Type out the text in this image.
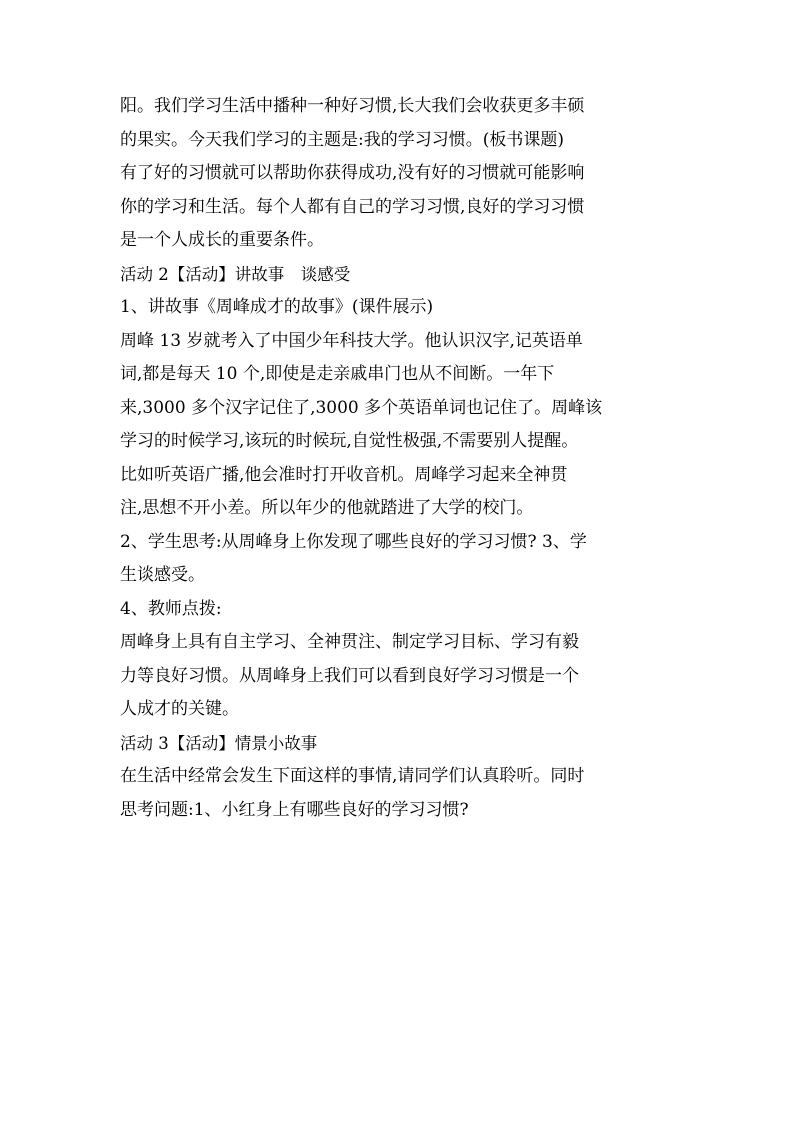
阳。我们学习生活中播种一种好习惯,长大我们会收获更多丰硕
的果实。今天我们学习的主题是:我的学习习惯。(板书课题)
有了好的习惯就可以帮助你获得成功,没有好的习惯就可能影响
你的学习和生活。每个人都有自己的学习习惯,良好的学习习惯
是一个人成长的重要条件。
活动 2【活动】讲故事　谈感受
1、讲故事《周峰成才的故事》(课件展示)
周峰 13 岁就考入了中国少年科技大学。他认识汉字,记英语单
词,都是每天 10 个,即使是走亲戚串门也从不间断。一年下
来,3000 多个汉字记住了,3000 多个英语单词也记住了。周峰该
学习的时候学习,该玩的时候玩,自觉性极强,不需要别人提醒。
比如听英语广播,他会准时打开收音机。周峰学习起来全神贯
注,思想不开小差。所以年少的他就踏进了大学的校门。
2、学生思考:从周峰身上你发现了哪些良好的学习习惯? 3、学
生谈感受。
4、教师点拨:
周峰身上具有自主学习、全神贯注、制定学习目标、学习有毅
力等良好习惯。从周峰身上我们可以看到良好学习习惯是一个
人成才的关键。
活动 3【活动】情景小故事
在生活中经常会发生下面这样的事情,请同学们认真聆听。同时
思考问题:1、小红身上有哪些良好的学习习惯?
